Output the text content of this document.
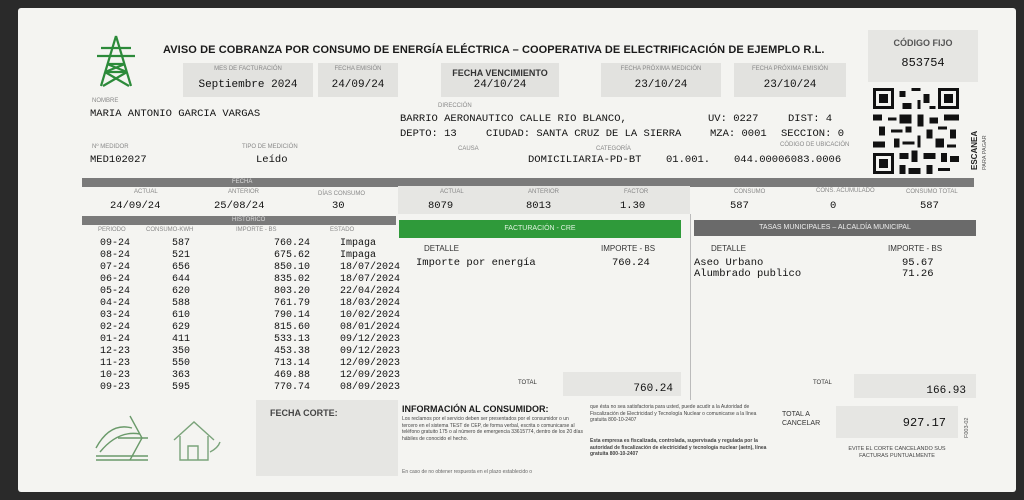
AVISO DE COBRANZA POR CONSUMO DE ENERGÍA ELÉCTRICA – COOPERATIVA DE ELECTRIFICACIÓN DE EJEMPLO R.L.
MES DE FACTURACIÓN
Septiembre 2024
FECHA EMISIÓN
24/09/24
FECHA VENCIMIENTO
24/10/24
FECHA PRÓXIMA MEDICIÓN
23/10/24
FECHA PRÓXIMA EMISIÓN
23/10/24
CÓDIGO FIJO
853754
ESCANEA PARA PAGAR
NOMBRE
MARIA ANTONIO GARCIA VARGAS
DIRECCIÓN
BARRIO AERONAUTICO CALLE RIO BLANCO,	UV: 0227	DIST: 4
DEPTO: 13	CIUDAD: SANTA CRUZ DE LA SIERRA	MZA: 0001 SECCION: 0
Nº MEDIDOR
MED102027
TIPO DE MEDICIÓN
Leído
CAUSA	CATEGORÍA
DOMICILIARIA-PD-BT 01.001.
CÓDIGO DE UBICACIÓN
044.00006083.0006
FECHA
ACTUAL
24/09/24
ANTERIOR
25/08/24
DÍAS CONSUMO
30
ACTUAL
8079
ANTERIOR
8013
FACTOR
1.30
CONSUMO
587
CONS. ACUMULADO
0
CONSUMO TOTAL
587
HISTÓRICO
PERIODO	CONSUMO-KWH	IMPORTE - BS	ESTADO
09-24	587	760.24	Impaga
08-24	521	675.62	Impaga
07-24	656	850.10	18/07/2024
06-24	644	835.02	18/07/2024
05-24	620	803.20	22/04/2024
04-24	588	761.79	18/03/2024
03-24	610	790.14	10/02/2024
02-24	629	815.60	08/01/2024
01-24	411	533.13	09/12/2023
12-23	350	453.38	09/12/2023
11-23	550	713.14	12/09/2023
10-23	363	469.88	12/09/2023
09-23	595	770.74	08/09/2023
FACTURACIÓN - CRE
DETALLE	IMPORTE - BS
Importe por energía	760.24
TOTAL	760.24
TASAS MUNICIPALES – ALCALDÍA MUNICIPAL
DETALLE	IMPORTE - BS
Aseo Urbano	95.67
Alumbrado publico	71.26
TOTAL
166.93
FECHA CORTE:	INFORMACIÓN AL CONSUMIDOR:
Los reclamos por el servicio deben ser presentados por el consumidor o un tercero en el sistema TEST de CEP, de forma verbal, escrita o comunicarse al teléfono gratuito 175 o al número de emergencia 33615774, dentro de los 20 días hábiles de conocido el hecho.
En caso de no obtener respuesta en el plazo establecido o
que ésta no sea satisfactoria para usted, puede acudir a la Autoridad de Fiscalización de Electricidad y Tecnología Nuclear o comunicarse a la línea gratuita 800-10-2407
Esta empresa es fiscalizada, controlada, supervisada y regulada por la autoridad de fiscalización de electricidad y tecnología nuclear (aetn), línea gratuita 800-10-2407
TOTAL A CANCELAR	927.17
EVITE EL CORTE CANCELANDO SUS FACTURAS PUNTUALMENTE
F003-02
